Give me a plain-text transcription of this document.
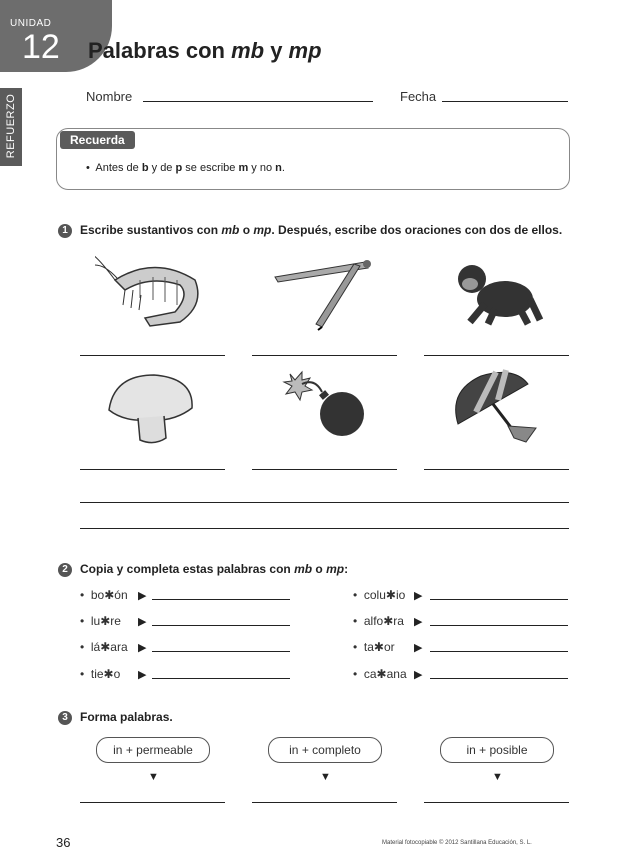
UNIDAD
12
REFUERZO
Palabras con mb y mp
Nombre	Fecha
Recuerda
•  Antes de b y de p se escribe m y no n.
1	Escribe sustantivos con mb o mp. Después, escribe dos oraciones con dos de ellos.
2	Copia y completa estas palabras con mb o mp:
•  bo✱ón ▶
•  lu✱re ▶
•  lá✱ara ▶
•  tie✱o ▶
•  colu✱io ▶
•  alfo✱ra ▶
•  ta✱or ▶
•  ca✱ana ▶
3	Forma palabras.
in + permeable	in + completo	in + posible
▼	▼	▼
36	Material fotocopiable © 2012 Santillana Educación, S. L.
